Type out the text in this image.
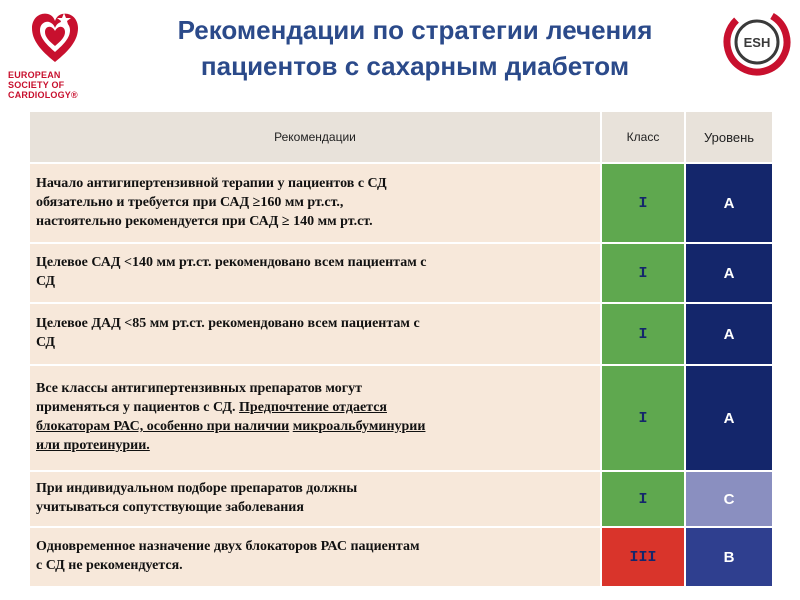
EUROPEAN
SOCIETY OF
CARDIOLOGY®
Рекомендации по стратегии лечения
пациентов с сахарным диабетом
ESH
Рекомендации	Класс	Уровень
Начало антигипертензивной терапии у пациентов с СД
обязательно и требуется при САД ≥160 мм рт.ст.,
настоятельно рекомендуется при САД ≥ 140 мм рт.ст.	I	A
Целевое САД <140 мм рт.ст. рекомендовано всем пациентам с
СД	I	A
Целевое ДАД <85 мм рт.ст. рекомендовано всем пациентам с
СД	I	A
Все классы антигипертензивных препаратов могут
применяться у пациентов с СД. Предпочтение отдается
блокаторам РАС, особенно при наличии микроальбуминурии
или протеинурии.	I	A
При индивидуальном подборе препаратов должны
учитываться сопутствующие заболевания	I	C
Одновременное назначение двух блокаторов РАС пациентам
с СД не рекомендуется.	III	B
